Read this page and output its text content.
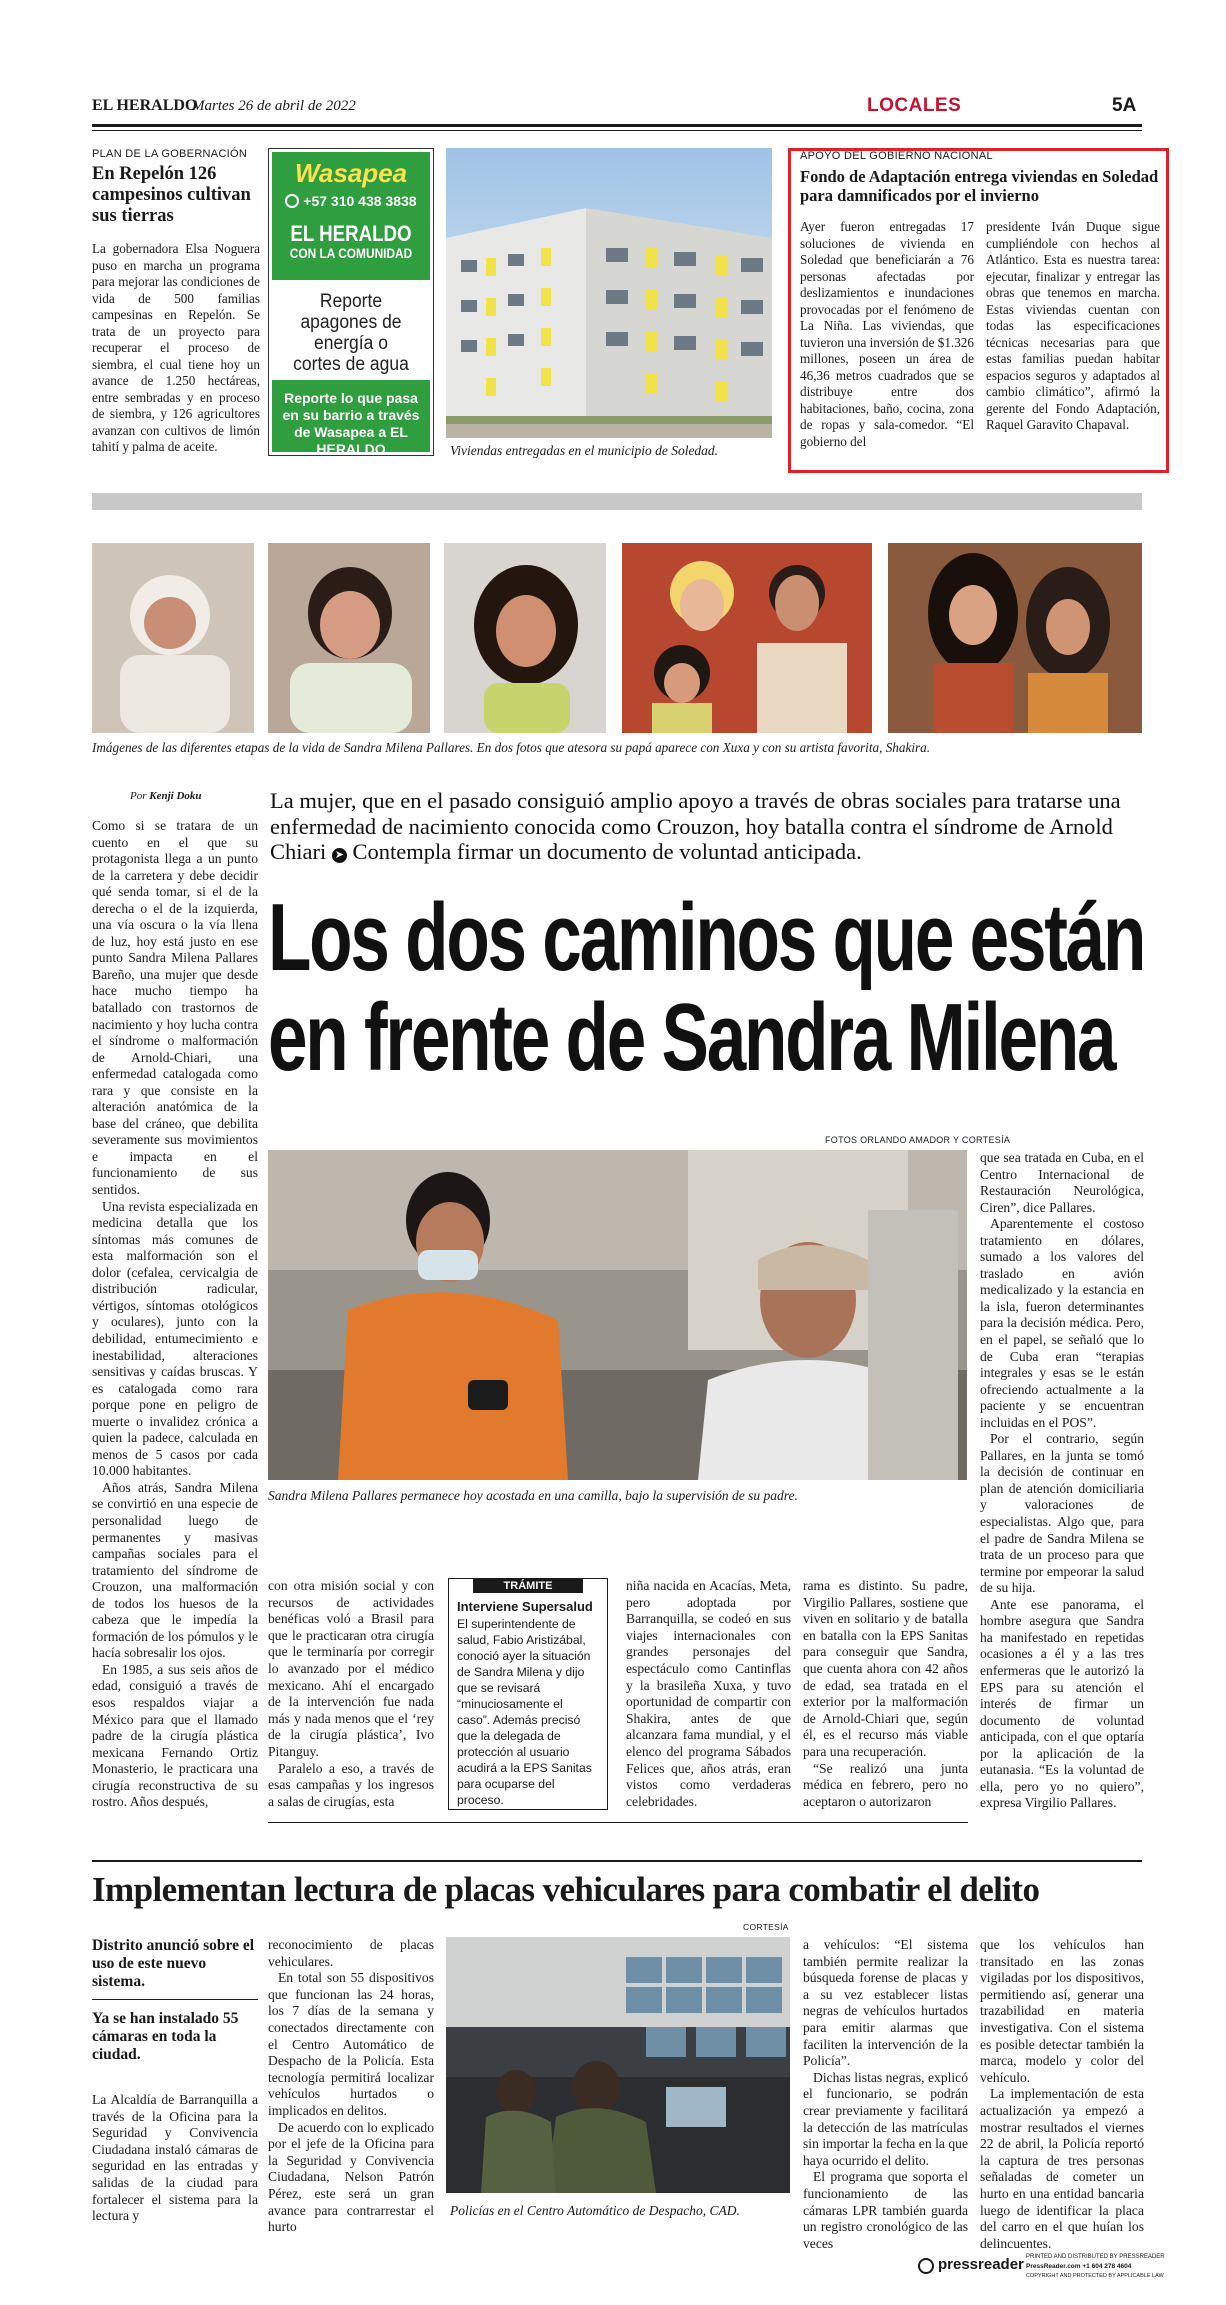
EL HERALDO
Martes 26 de abril de 2022	LOCALES	5A
PLAN DE LA GOBERNACIÓN
En Repelón 126 campesinos cultivan sus tierras
La gobernadora Elsa Noguera puso en marcha un programa para mejorar las condiciones de vida de 500 familias campesinas en Repelón. Se trata de un proyecto para recuperar el proceso de siembra, el cual tiene hoy un avance de 1.250 hectáreas, entre sembradas y en proceso de siembra, y 126 agricultores avanzan con cultivos de limón tahití y palma de aceite.
Wasapea
+57 310 438 3838
EL HERALDO
CON LA COMUNIDAD
Reporte apagones de energía o cortes de agua
Reporte lo que pasa en su barrio a través de Wasapea a EL HERALDO	Viviendas entregadas en el municipio de Soledad.
APOYO DEL GOBIERNO NACIONAL
Fondo de Adaptación entrega viviendas en Soledad para damnificados por el invierno
Ayer fueron entregadas 17 soluciones de vivienda en Soledad que beneficiarán a 76 personas afectadas por deslizamientos e inundaciones provocadas por el fenómeno de La Niña. Las viviendas, que tuvieron una inversión de $1.326 millones, poseen un área de 46,36 metros cuadrados que se distribuye entre dos habitaciones, baño, cocina, zona de ropas y sala-comedor. “El gobierno del
presidente Iván Duque sigue cumpliéndole con hechos al Atlántico. Esta es nuestra tarea: ejecutar, finalizar y entregar las obras que tenemos en marcha. Estas viviendas cuentan con todas las especificaciones técnicas necesarias para que estas familias puedan habitar espacios seguros y adaptados al cambio climático”, afirmó la gerente del Fondo Adaptación, Raquel Garavito Chapaval.
Imágenes de las diferentes etapas de la vida de Sandra Milena Pallares. En dos fotos que atesora su papá aparece con Xuxa y con su artista favorita, Shakira.
Por Kenji Doku	La mujer, que en el pasado consiguió amplio apoyo a través de obras sociales para tratarse una enfermedad de nacimiento conocida como Crouzon, hoy batalla contra el síndrome de Arnold Chiari ➤ Contempla firmar un documento de voluntad anticipada.
Los dos caminos que están
en frente de Sandra Milena
FOTOS ORLANDO AMADOR Y CORTESÍA
Sandra Milena Pallares permanece hoy acostada en una camilla, bajo la supervisión de su padre.

Como si se tratara de un cuento en el que su protagonista llega a un punto de la carretera y debe decidir qué senda tomar, si el de la derecha o el de la izquierda, una vía oscura o la vía llena de luz, hoy está justo en ese punto Sandra Milena Pallares Bareño, una mujer que desde hace mucho tiempo ha batallado con trastornos de nacimiento y hoy lucha contra el síndrome o malformación de Arnold-Chiari, una enfermedad catalogada como rara y que consiste en la alteración anatómica de la base del cráneo, que debilita severamente sus movimientos e impacta en el funcionamiento de sus sentidos.

Una revista especializada en medicina detalla que los síntomas más comunes de esta malformación son el dolor (cefalea, cervicalgia de distribución radicular, vértigos, síntomas otológicos y oculares), junto con la debilidad, entumecimiento e inestabilidad, alteraciones sensitivas y caídas bruscas. Y es catalogada como rara porque pone en peligro de muerte o invalidez crónica a quien la padece, calculada en menos de 5 casos por cada 10.000 habitantes.

Años atrás, Sandra Milena se convirtió en una especie de personalidad luego de permanentes y masivas campañas sociales para el tratamiento del síndrome de Crouzon, una malformación de todos los huesos de la cabeza que le impedía la formación de los pómulos y le hacía sobresalir los ojos.

En 1985, a sus seis años de edad, consiguió a través de esos respaldos viajar a México para que el llamado padre de la cirugía plástica mexicana Fernando Ortiz Monasterio, le practicara una cirugía reconstructiva de su rostro. Años después,

con otra misión social y con recursos de actividades benéficas voló a Brasil para que le practicaran otra cirugía que le terminaría por corregir lo avanzado por el médico mexicano. Ahí el encargado de la intervención fue nada más y nada menos que el ‘rey de la cirugía plástica’, Ivo Pitanguy.

Paralelo a eso, a través de esas campañas y los ingresos a salas de cirugías, esta

TRÁMITE
Interviene Supersalud
El superintendente de salud, Fabio Aristizábal, conoció ayer la situación de Sandra Milena y dijo que se revisará “minuciosamente el caso”. Además precisó que la delegada de protección al usuario acudirá a la EPS Sanitas para ocuparse del proceso.

niña nacida en Acacías, Meta, pero adoptada por Barranquilla, se codeó en sus viajes internacionales con grandes personajes del espectáculo como Cantinflas y la brasileña Xuxa, y tuvo oportunidad de compartir con Shakira, antes de que alcanzara fama mundial, y el elenco del programa Sábados Felices que, años atrás, eran vistos como verdaderas celebridades.

rama es distinto. Su padre, Virgilio Pallares, sostiene que viven en solitario y de batalla en batalla con la EPS Sanitas para conseguir que Sandra, que cuenta ahora con 42 años de edad, sea tratada en el exterior por la malformación de Arnold-Chiari que, según él, es el recurso más viable para una recuperación.

“Se realizó una junta médica en febrero, pero no aceptaron o autorizaron

que sea tratada en Cuba, en el Centro Internacional de Restauración Neurológica, Ciren”, dice Pallares.

Aparentemente el costoso tratamiento en dólares, sumado a los valores del traslado en avión medicalizado y la estancia en la isla, fueron determinantes para la decisión médica. Pero, en el papel, se señaló que lo de Cuba eran “terapias integrales y esas se le están ofreciendo actualmente a la paciente y se encuentran incluidas en el POS”.

Por el contrario, según Pallares, en la junta se tomó la decisión de continuar en plan de atención domiciliaria y valoraciones de especialistas. Algo que, para el padre de Sandra Milena se trata de un proceso para que termine por empeorar la salud de su hija.

Ante ese panorama, el hombre asegura que Sandra ha manifestado en repetidas ocasiones a él y a las tres enfermeras que le autorizó la EPS para su atención el interés de firmar un documento de voluntad anticipada, con el que optaría por la aplicación de la eutanasia. “Es la voluntad de ella, pero yo no quiero”, expresa Virgilio Pallares.

Implementan lectura de placas vehiculares para combatir el delito
CORTESÍA
Distrito anunció sobre el uso de este nuevo sistema.
Ya se han instalado 55 cámaras en toda la ciudad.
La Alcaldía de Barranquilla a través de la Oficina para la Seguridad y Convivencia Ciudadana instaló cámaras de seguridad en las entradas y salidas de la ciudad para fortalecer el sistema para la lectura y

reconocimiento de placas vehiculares.

En total son 55 dispositivos que funcionan las 24 horas, los 7 días de la semana y conectados directamente con el Centro Automático de Despacho de la Policía. Esta tecnología permitirá localizar vehículos hurtados o implicados en delitos.

De acuerdo con lo explicado por el jefe de la Oficina para la Seguridad y Convivencia Ciudadana, Nelson Patrón Pérez, este será un gran avance para contrarrestar el hurto

Policías en el Centro Automático de Despacho, CAD.

a vehículos: “El sistema también permite realizar la búsqueda forense de placas y a su vez establecer listas negras de vehículos hurtados para emitir alarmas que faciliten la intervención de la Policía”.

Dichas listas negras, explicó el funcionario, se podrán crear previamente y facilitará la detección de las matrículas sin importar la fecha en la que haya ocurrido el delito.

El programa que soporta el funcionamiento de las cámaras LPR también guarda un registro cronológico de las veces

que los vehículos han transitado en las zonas vigiladas por los dispositivos, permitiendo así, generar una trazabilidad en materia investigativa. Con el sistema es posible detectar también la marca, modelo y color del vehículo.

La implementación de esta actualización ya empezó a mostrar resultados el viernes 22 de abril, la Policía reportó la captura de tres personas señaladas de cometer un hurto en una entidad bancaria luego de identificar la placa del carro en el que huían los delincuentes.

pressreader PRINTED AND DISTRIBUTED BY PRESSREADER
PressReader.com +1 604 278 4604
COPYRIGHT AND PROTECTED BY APPLICABLE LAW
